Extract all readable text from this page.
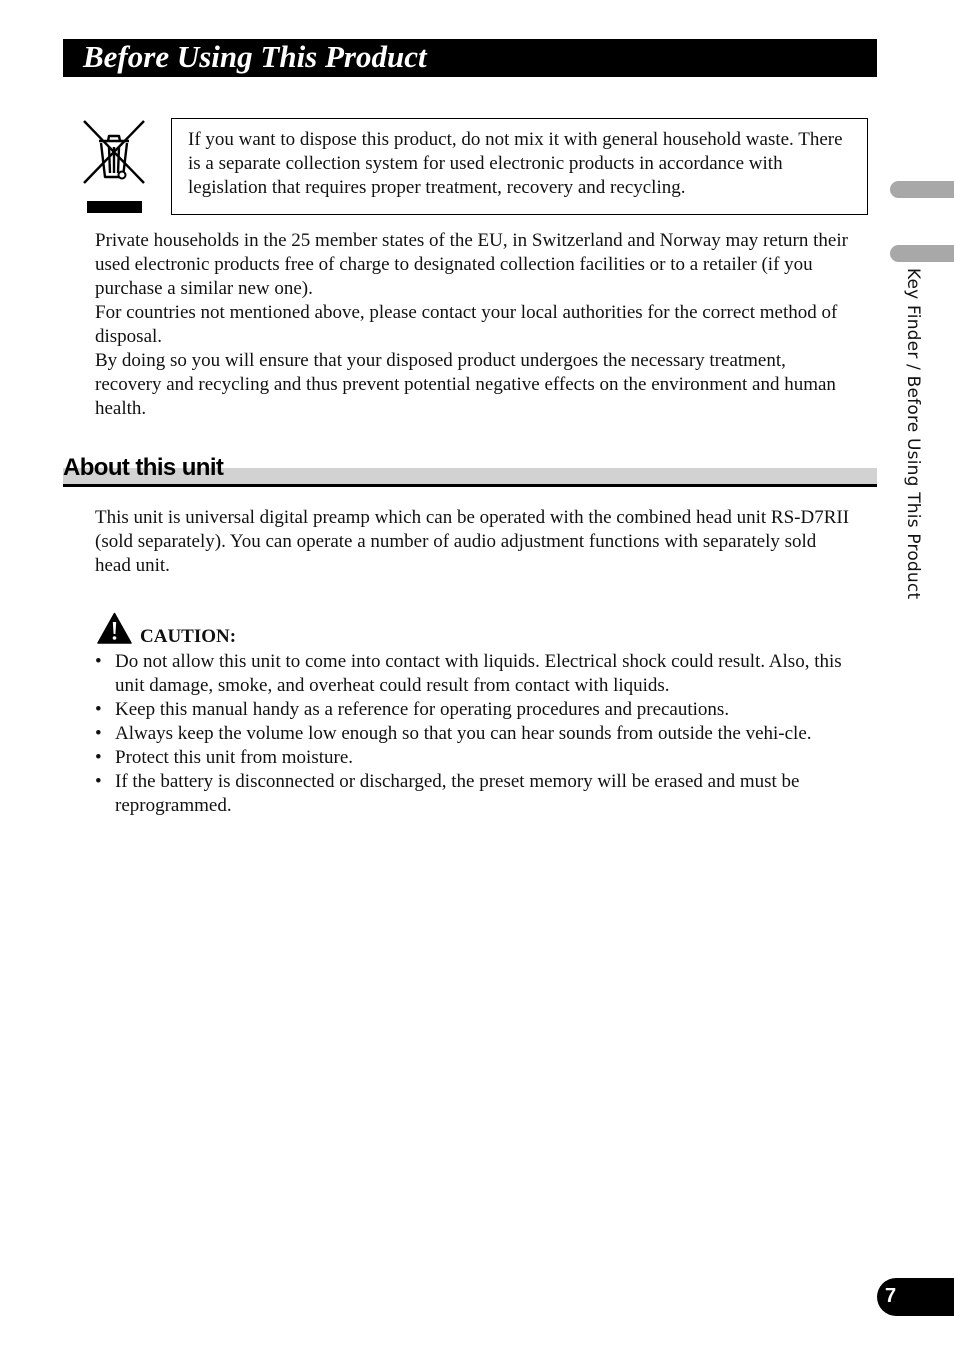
Before Using This Product
If you want to dispose this product, do not mix it with general household waste. There is a separate collection system for used electronic products in accordance with legislation that requires proper treatment, recovery and recycling.

Private households in the 25 member states of the EU, in Switzerland and Norway may return their used electronic products free of charge to designated collection facilities or to a retailer (if you purchase a similar new one).

For countries not mentioned above, please contact your local authorities for the correct method of disposal.

By doing so you will ensure that your disposed product undergoes the necessary treatment, recovery and recycling and thus prevent potential negative effects on the environment and human health.

About this unit
This unit is universal digital preamp which can be operated with the combined head unit RS-D7RII (sold separately). You can operate a number of audio adjustment functions with separately sold head unit.
CAUTION:
• Do not allow this unit to come into contact with liquids. Electrical shock could result. Also, this unit damage, smoke, and overheat could result from contact with liquids.
• Keep this manual handy as a reference for operating procedures and precautions.
• Always keep the volume low enough so that you can hear sounds from outside the vehi-cle.
• Protect this unit from moisture.
• If the battery is disconnected or discharged, the preset memory will be erased and must be reprogrammed.
Key Finder / Before Using This Product
7
